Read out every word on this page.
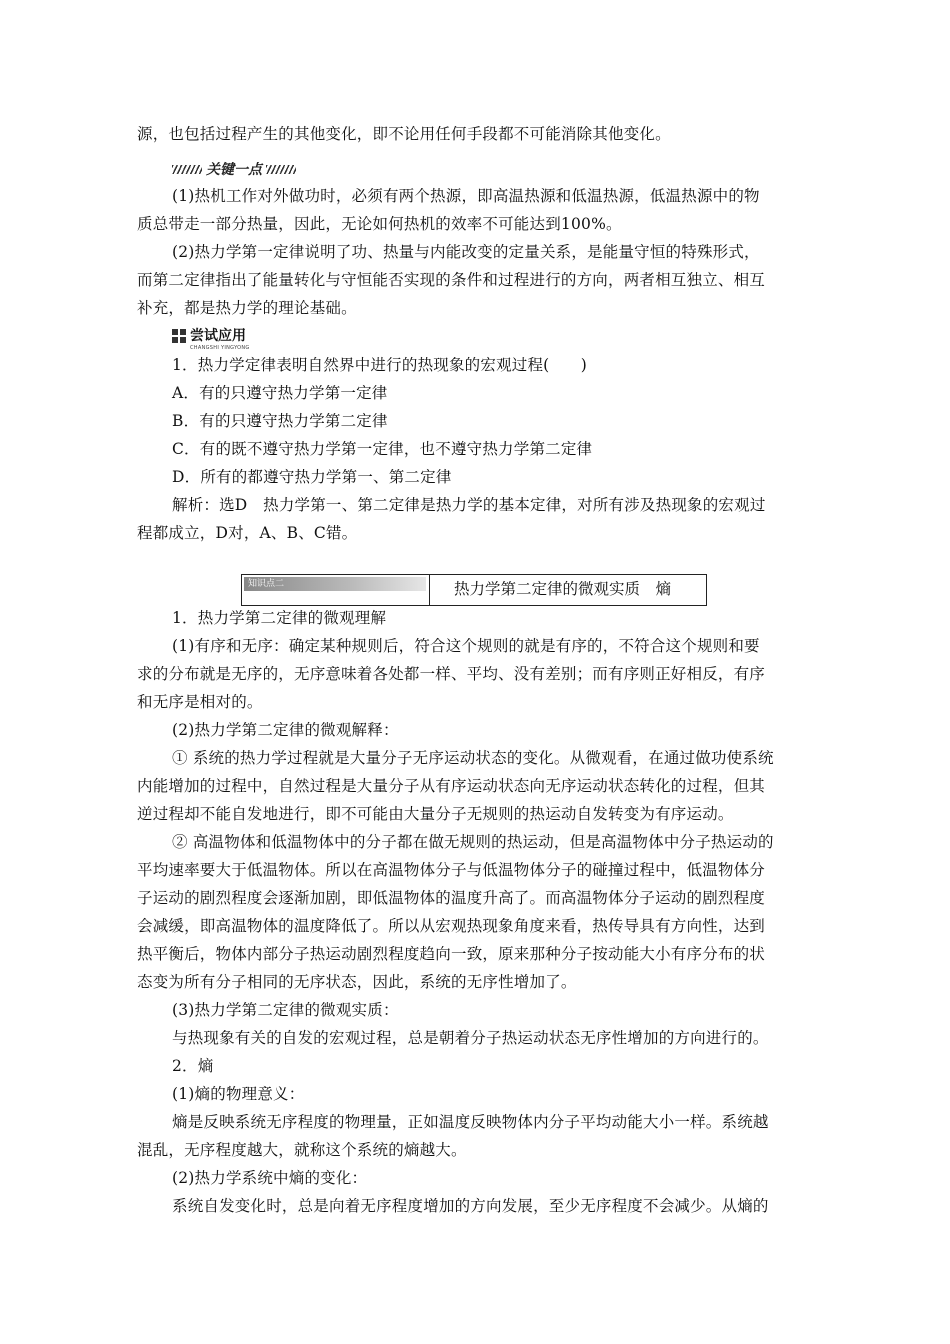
源，也包括过程产生的其他变化，即不论用任何手段都不可能消除其他变化。
关键一点
(1)热机工作对外做功时，必须有两个热源，即高温热源和低温热源，低温热源中的物
质总带走一部分热量，因此，无论如何热机的效率不可能达到100%。
(2)热力学第一定律说明了功、热量与内能改变的定量关系，是能量守恒的特殊形式，
而第二定律指出了能量转化与守恒能否实现的条件和过程进行的方向，两者相互独立、相互
补充，都是热力学的理论基础。
尝试应用
CHANGSHI YINGYONG
1．热力学定律表明自然界中进行的热现象的宏观过程(　　)
A．有的只遵守热力学第一定律
B．有的只遵守热力学第二定律
C．有的既不遵守热力学第一定律，也不遵守热力学第二定律
D．所有的都遵守热力学第一、第二定律
解析：选D　热力学第一、第二定律是热力学的基本定律，对所有涉及热现象的宏观过
程都成立，D对，A、B、C错。
知识点二	热力学第二定律的微观实质　熵
1．热力学第二定律的微观理解
(1)有序和无序：确定某种规则后，符合这个规则的就是有序的，不符合这个规则和要
求的分布就是无序的，无序意味着各处都一样、平均、没有差别；而有序则正好相反，有序
和无序是相对的。
(2)热力学第二定律的微观解释：
① 系统的热力学过程就是大量分子无序运动状态的变化。从微观看，在通过做功使系统
内能增加的过程中，自然过程是大量分子从有序运动状态向无序运动状态转化的过程，但其
逆过程却不能自发地进行，即不可能由大量分子无规则的热运动自发转变为有序运动。
② 高温物体和低温物体中的分子都在做无规则的热运动，但是高温物体中分子热运动的
平均速率要大于低温物体。所以在高温物体分子与低温物体分子的碰撞过程中，低温物体分
子运动的剧烈程度会逐渐加剧，即低温物体的温度升高了。而高温物体分子运动的剧烈程度
会减缓，即高温物体的温度降低了。所以从宏观热现象角度来看，热传导具有方向性，达到
热平衡后，物体内部分子热运动剧烈程度趋向一致，原来那种分子按动能大小有序分布的状
态变为所有分子相同的无序状态，因此，系统的无序性增加了。
(3)热力学第二定律的微观实质：
与热现象有关的自发的宏观过程，总是朝着分子热运动状态无序性增加的方向进行的。
2．熵
(1)熵的物理意义：
熵是反映系统无序程度的物理量，正如温度反映物体内分子平均动能大小一样。系统越
混乱，无序程度越大，就称这个系统的熵越大。
(2)热力学系统中熵的变化：
系统自发变化时，总是向着无序程度增加的方向发展，至少无序程度不会减少。从熵的
